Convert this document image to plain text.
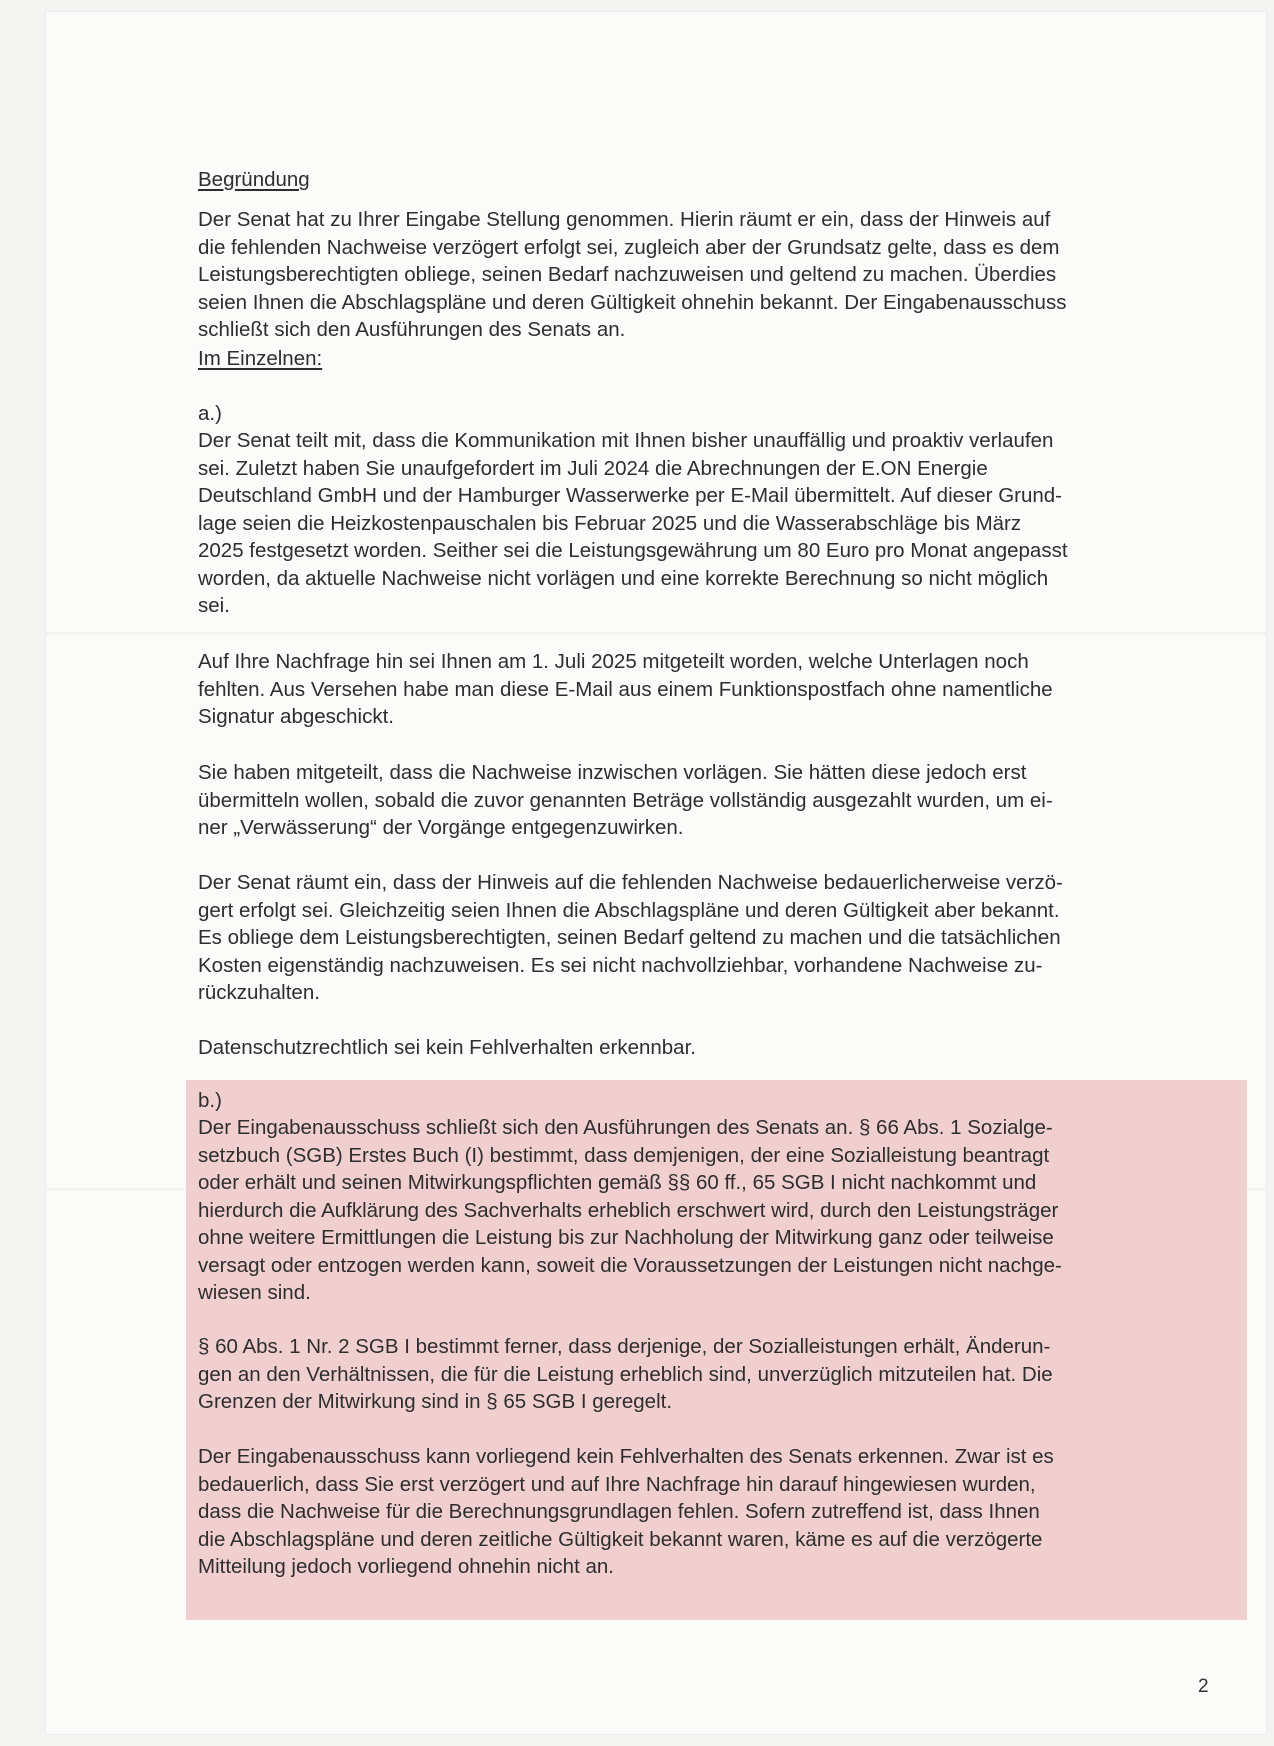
Begründung

Der Senat hat zu Ihrer Eingabe Stellung genommen. Hierin räumt er ein, dass der Hinweis auf
die fehlenden Nachweise verzögert erfolgt sei, zugleich aber der Grundsatz gelte, dass es dem
Leistungsberechtigten obliege, seinen Bedarf nachzuweisen und geltend zu machen. Überdies
seien Ihnen die Abschlagspläne und deren Gültigkeit ohnehin bekannt. Der Eingabenausschuss
schließt sich den Ausführungen des Senats an.

Im Einzelnen:

a.)

Der Senat teilt mit, dass die Kommunikation mit Ihnen bisher unauffällig und proaktiv verlaufen
sei. Zuletzt haben Sie unaufgefordert im Juli 2024 die Abrechnungen der E.ON Energie
Deutschland GmbH und der Hamburger Wasserwerke per E-Mail übermittelt. Auf dieser Grund-
lage seien die Heizkostenpauschalen bis Februar 2025 und die Wasserabschläge bis März
2025 festgesetzt worden. Seither sei die Leistungsgewährung um 80 Euro pro Monat angepasst
worden, da aktuelle Nachweise nicht vorlägen und eine korrekte Berechnung so nicht möglich
sei.

Auf Ihre Nachfrage hin sei Ihnen am 1. Juli 2025 mitgeteilt worden, welche Unterlagen noch
fehlten. Aus Versehen habe man diese E-Mail aus einem Funktionspostfach ohne namentliche
Signatur abgeschickt.

Sie haben mitgeteilt, dass die Nachweise inzwischen vorlägen. Sie hätten diese jedoch erst
übermitteln wollen, sobald die zuvor genannten Beträge vollständig ausgezahlt wurden, um ei-
ner „Verwässerung“ der Vorgänge entgegenzuwirken.

Der Senat räumt ein, dass der Hinweis auf die fehlenden Nachweise bedauerlicherweise verzö-
gert erfolgt sei. Gleichzeitig seien Ihnen die Abschlagspläne und deren Gültigkeit aber bekannt.
Es obliege dem Leistungsberechtigten, seinen Bedarf geltend zu machen und die tatsächlichen
Kosten eigenständig nachzuweisen. Es sei nicht nachvollziehbar, vorhandene Nachweise zu-
rückzuhalten.

Datenschutzrechtlich sei kein Fehlverhalten erkennbar.

b.)

Der Eingabenausschuss schließt sich den Ausführungen des Senats an. § 66 Abs. 1 Sozialge-
setzbuch (SGB) Erstes Buch (I) bestimmt, dass demjenigen, der eine Sozialleistung beantragt
oder erhält und seinen Mitwirkungspflichten gemäß §§ 60 ff., 65 SGB I nicht nachkommt und
hierdurch die Aufklärung des Sachverhalts erheblich erschwert wird, durch den Leistungsträger
ohne weitere Ermittlungen die Leistung bis zur Nachholung der Mitwirkung ganz oder teilweise
versagt oder entzogen werden kann, soweit die Voraussetzungen der Leistungen nicht nachge-
wiesen sind.

§ 60 Abs. 1 Nr. 2 SGB I bestimmt ferner, dass derjenige, der Sozialleistungen erhält, Änderun-
gen an den Verhältnissen, die für die Leistung erheblich sind, unverzüglich mitzuteilen hat. Die
Grenzen der Mitwirkung sind in § 65 SGB I geregelt.

Der Eingabenausschuss kann vorliegend kein Fehlverhalten des Senats erkennen. Zwar ist es
bedauerlich, dass Sie erst verzögert und auf Ihre Nachfrage hin darauf hingewiesen wurden,
dass die Nachweise für die Berechnungsgrundlagen fehlen. Sofern zutreffend ist, dass Ihnen
die Abschlagspläne und deren zeitliche Gültigkeit bekannt waren, käme es auf die verzögerte
Mitteilung jedoch vorliegend ohnehin nicht an.

2
